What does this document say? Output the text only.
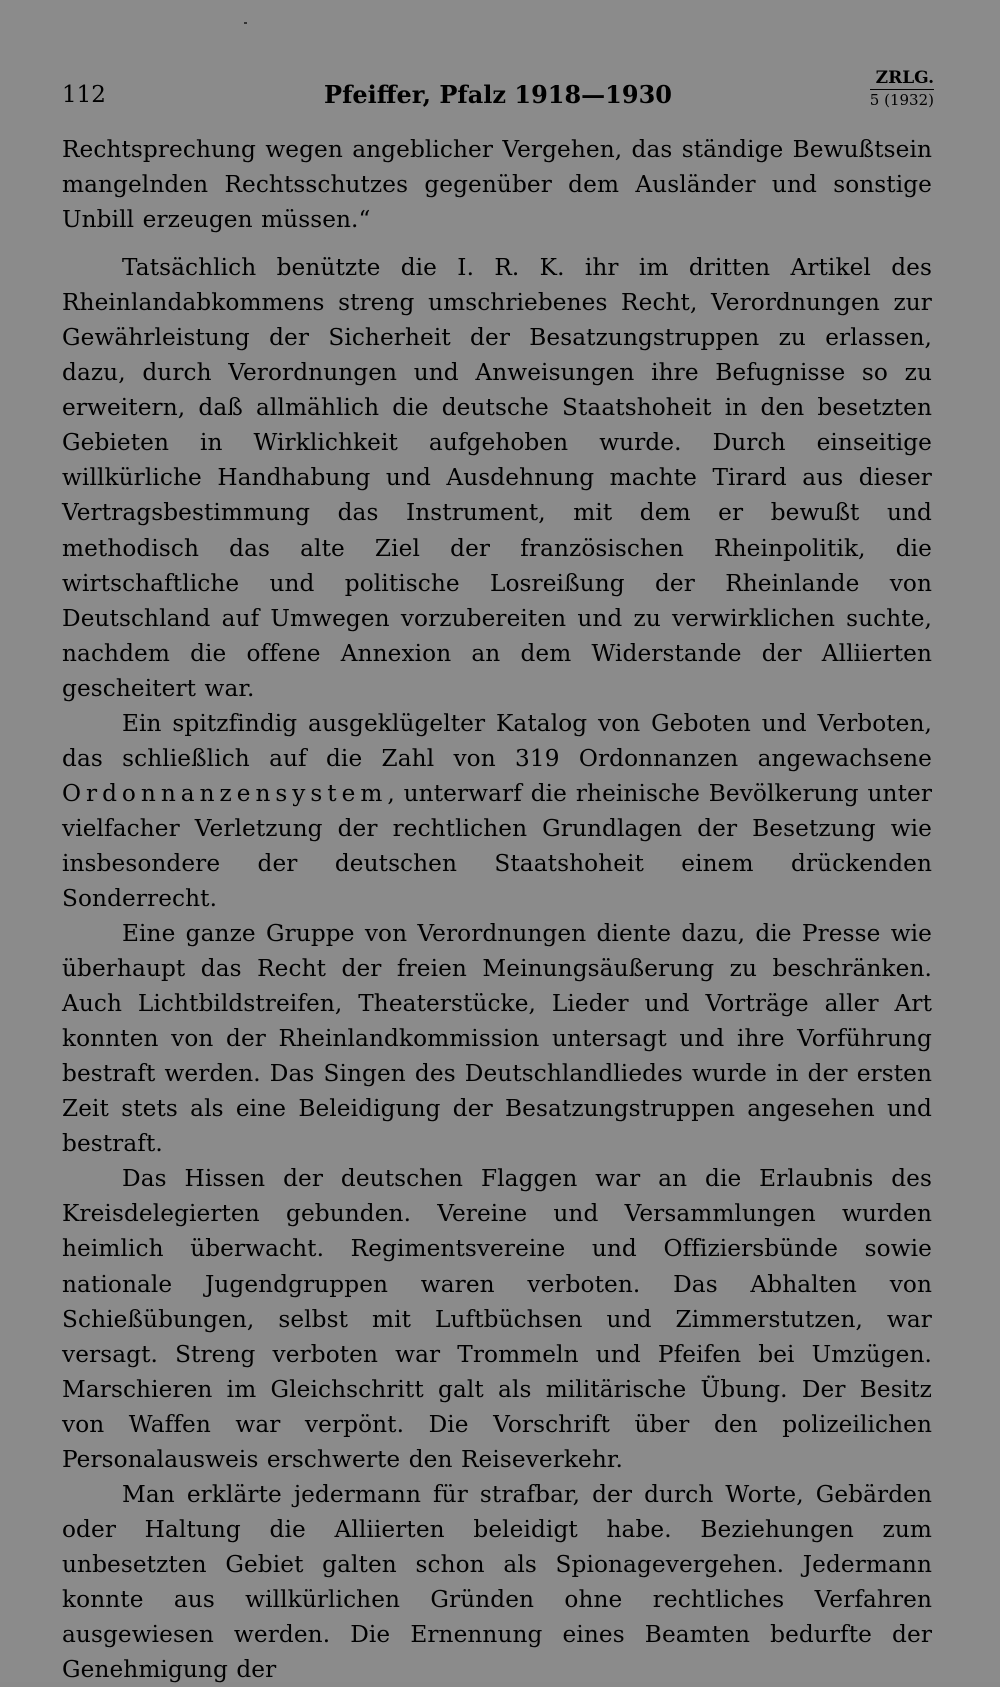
112	Pfeiffer, Pfalz 1918—1930
ZRLG.
5 (1932)

Rechtsprechung wegen angeblicher Vergehen, das ständige Bewußtsein mangelnden Rechtsschutzes gegenüber dem Ausländer und sonstige Unbill erzeugen müssen.“

Tatsächlich benützte die I. R. K. ihr im dritten Artikel des Rheinlandabkommens streng umschriebenes Recht, Verordnungen zur Gewährleistung der Sicherheit der Besatzungstruppen zu erlassen, dazu, durch Verordnungen und Anweisungen ihre Befugnisse so zu erweitern, daß allmählich die deutsche Staatshoheit in den besetzten Gebieten in Wirklichkeit aufgehoben wurde. Durch einseitige willkürliche Handhabung und Ausdehnung machte Tirard aus dieser Vertragsbestimmung das Instrument, mit dem er bewußt und methodisch das alte Ziel der französischen Rheinpolitik, die wirtschaftliche und politische Losreißung der Rheinlande von Deutschland auf Umwegen vorzubereiten und zu verwirklichen suchte, nachdem die offene Annexion an dem Widerstande der Alliierten gescheitert war.

Ein spitzfindig ausgeklügelter Katalog von Geboten und Verboten, das schließlich auf die Zahl von 319 Ordonnanzen angewachsene Ordonnanzensystem, unterwarf die rheinische Bevölkerung unter vielfacher Verletzung der rechtlichen Grundlagen der Besetzung wie insbesondere der deutschen Staatshoheit einem drückenden Sonderrecht.

Eine ganze Gruppe von Verordnungen diente dazu, die Presse wie überhaupt das Recht der freien Meinungsäußerung zu beschränken. Auch Lichtbildstreifen, Theaterstücke, Lieder und Vorträge aller Art konnten von der Rheinlandkommission untersagt und ihre Vorführung bestraft werden. Das Singen des Deutschlandliedes wurde in der ersten Zeit stets als eine Beleidigung der Besatzungstruppen angesehen und bestraft.

Das Hissen der deutschen Flaggen war an die Erlaubnis des Kreisdelegierten gebunden. Vereine und Versammlungen wurden heimlich überwacht. Regimentsvereine und Offiziersbünde sowie nationale Jugendgruppen waren verboten. Das Abhalten von Schießübungen, selbst mit Luftbüchsen und Zimmerstutzen, war versagt. Streng verboten war Trommeln und Pfeifen bei Umzügen. Marschieren im Gleichschritt galt als militärische Übung. Der Besitz von Waffen war verpönt. Die Vorschrift über den polizeilichen Personalausweis erschwerte den Reiseverkehr.

Man erklärte jedermann für strafbar, der durch Worte, Gebärden oder Haltung die Alliierten beleidigt habe. Beziehungen zum unbesetzten Gebiet galten schon als Spionagevergehen. Jedermann konnte aus willkürlichen Gründen ohne rechtliches Verfahren ausgewiesen werden. Die Ernennung eines Beamten bedurfte der Genehmigung der
